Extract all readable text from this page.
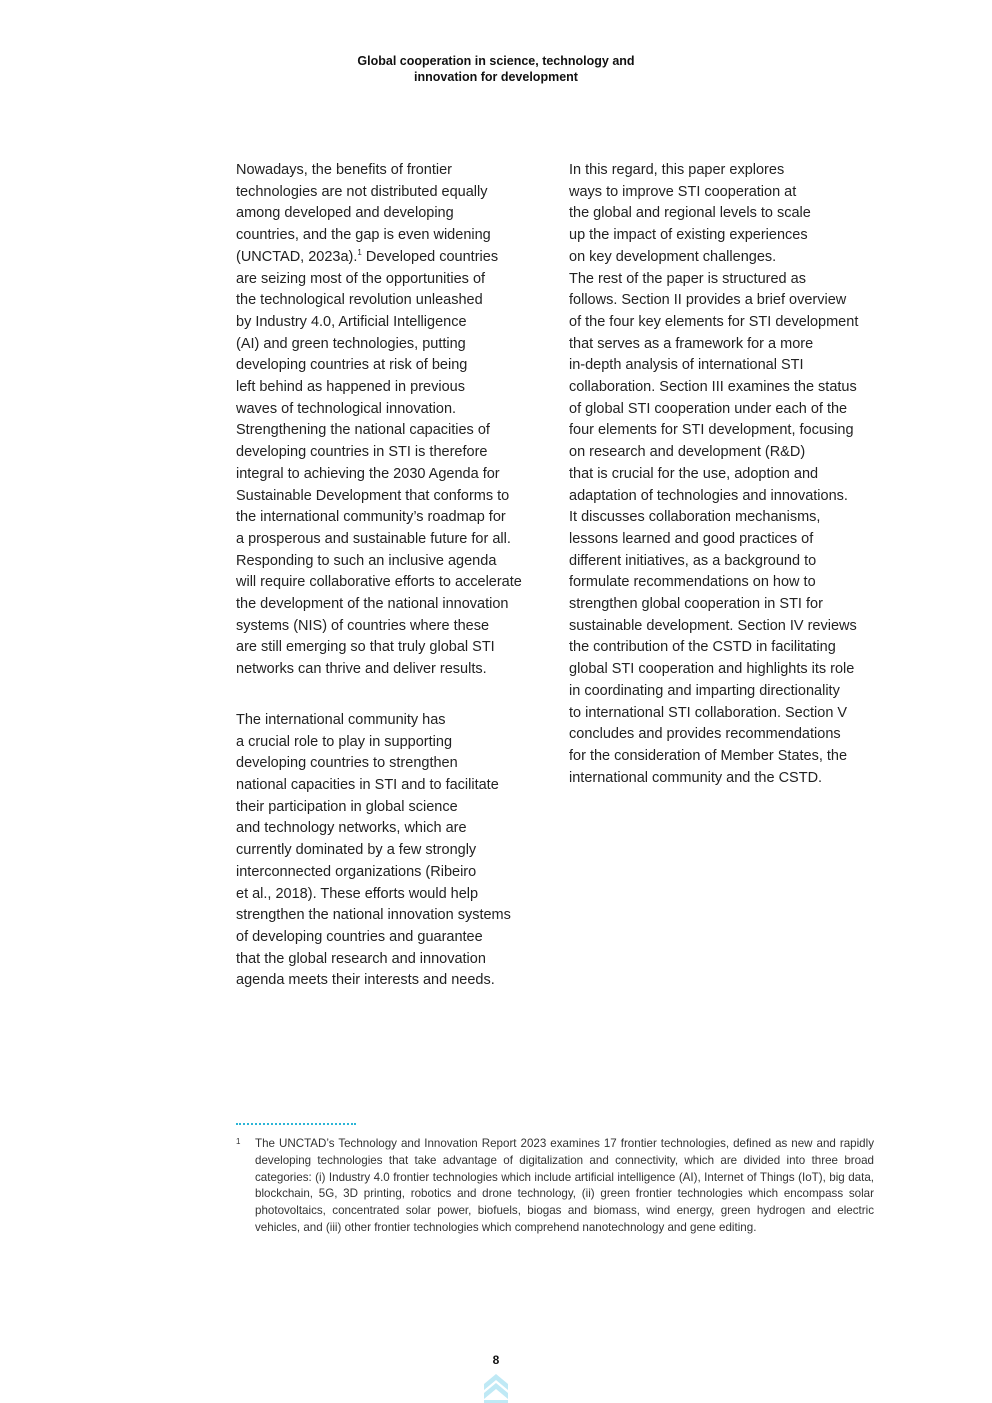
Global cooperation in science, technology and
innovation for development

Nowadays, the benefits of frontier
technologies are not distributed equally
among developed and developing
countries, and the gap is even widening
(UNCTAD, 2023a).$^1$ Developed countries
are seizing most of the opportunities of
the technological revolution unleashed
by Industry 4.0, Artificial Intelligence
(AI) and green technologies, putting
developing countries at risk of being
left behind as happened in previous
waves of technological innovation.

Strengthening the national capacities of
developing countries in STI is therefore
integral to achieving the 2030 Agenda for
Sustainable Development that conforms to
the international community’s roadmap for
a prosperous and sustainable future for all.
Responding to such an inclusive agenda
will require collaborative efforts to accelerate
the development of the national innovation
systems (NIS) of countries where these
are still emerging so that truly global STI
networks can thrive and deliver results.

The international community has
a crucial role to play in supporting
developing countries to strengthen
national capacities in STI and to facilitate
their participation in global science
and technology networks, which are
currently dominated by a few strongly
interconnected organizations (Ribeiro
et al., 2018). These efforts would help
strengthen the national innovation systems
of developing countries and guarantee
that the global research and innovation
agenda meets their interests and needs.

In this regard, this paper explores
ways to improve STI cooperation at
the global and regional levels to scale
up the impact of existing experiences
on key development challenges.

The rest of the paper is structured as
follows. Section II provides a brief overview
of the four key elements for STI development
that serves as a framework for a more
in-depth analysis of international STI
collaboration. Section III examines the status
of global STI cooperation under each of the
four elements for STI development, focusing
on research and development (R&D)
that is crucial for the use, adoption and
adaptation of technologies and innovations.
It discusses collaboration mechanisms,
lessons learned and good practices of
different initiatives, as a background to
formulate recommendations on how to
strengthen global cooperation in STI for
sustainable development. Section IV reviews
the contribution of the CSTD in facilitating
global STI cooperation and highlights its role
in coordinating and imparting directionality
to international STI collaboration. Section V
concludes and provides recommendations
for the consideration of Member States, the
international community and the CSTD.

1 The UNCTAD’s Technology and Innovation Report 2023 examines 17 frontier technologies, defined as new and rapidly developing technologies that take advantage of digitalization and connectivity, which are divided into three broad categories: (i) Industry 4.0 frontier technologies which include artificial intelligence (AI), Internet of Things (IoT), big data, blockchain, 5G, 3D printing, robotics and drone technology, (ii) green frontier technologies which encompass solar photovoltaics, concentrated solar power, biofuels, biogas and biomass, wind energy, green hydrogen and electric vehicles, and (iii) other frontier technologies which comprehend nanotechnology and gene editing.
8
